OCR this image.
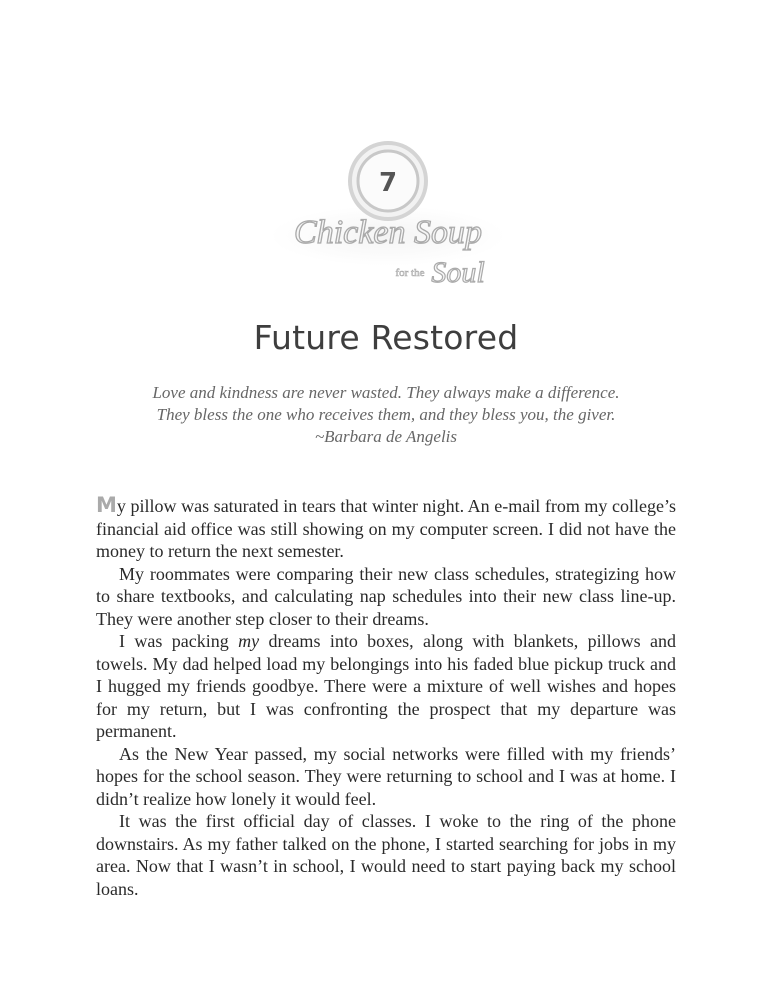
7
Chicken Soup
for the Soul
Future Restored
Love and kindness are never wasted. They always make a difference.
They bless the one who receives them, and they bless you, the giver.
~Barbara de Angelis

My pillow was saturated in tears that winter night. An e-mail from my college’s financial aid office was still showing on my computer screen. I did not have the money to return the next semester.

My roommates were comparing their new class schedules, strategizing how to share textbooks, and calculating nap schedules into their new class line-up. They were another step closer to their dreams.

I was packing my dreams into boxes, along with blankets, pillows and towels. My dad helped load my belongings into his faded blue pickup truck and I hugged my friends goodbye. There were a mixture of well wishes and hopes for my return, but I was confronting the prospect that my departure was permanent.

As the New Year passed, my social networks were filled with my friends’ hopes for the school season. They were returning to school and I was at home. I didn’t realize how lonely it would feel.

It was the first official day of classes. I woke to the ring of the phone downstairs. As my father talked on the phone, I started searching for jobs in my area. Now that I wasn’t in school, I would need to start paying back my school loans.
